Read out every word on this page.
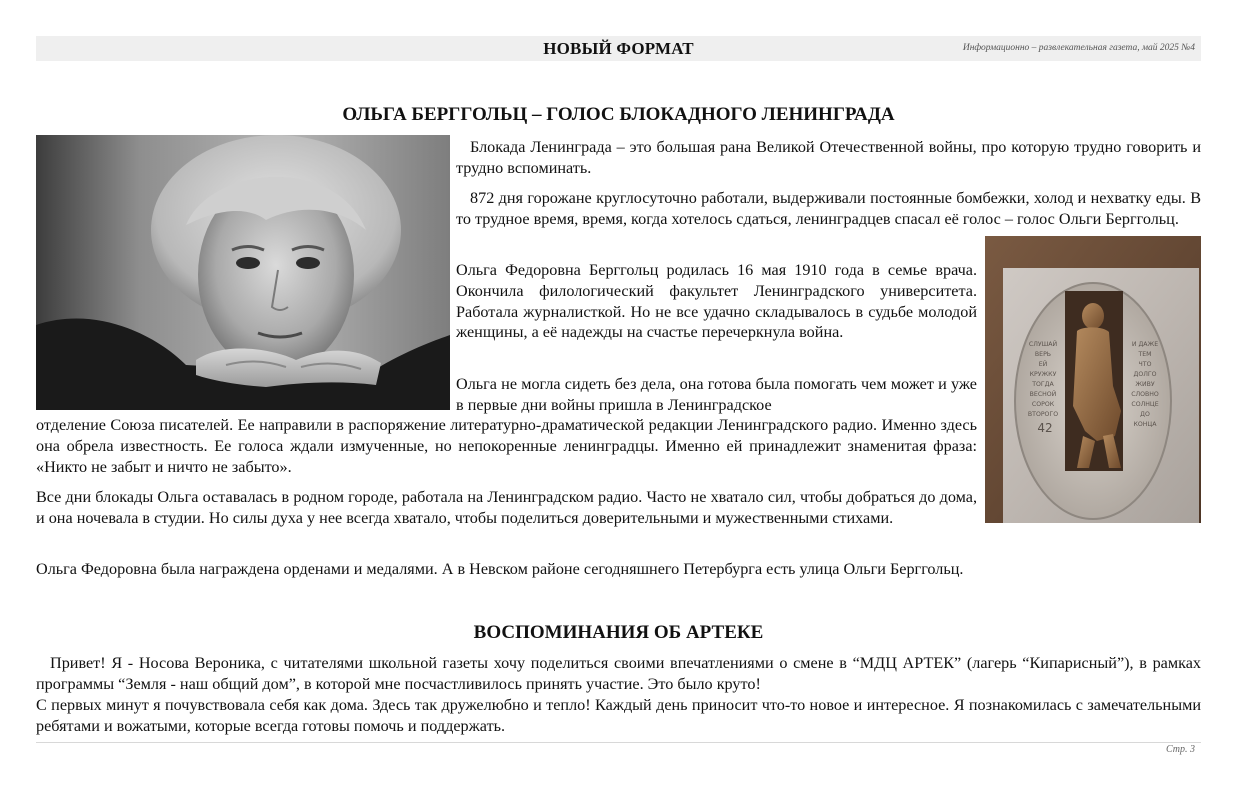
НОВЫЙ ФОРМАТ	Информационно – развлекательная газета, май 2025 №4
ОЛЬГА БЕРГГОЛЬЦ – ГОЛОС БЛОКАДНОГО ЛЕНИНГРАДА
СЛУШАЙ
ВЕРЬ
ЕЙ
КРУЖКУ
ТОГДА
ВЕСНОЙ
СОРОК
ВТОРОГО
42
И ДАЖЕ
ТЕМ
ЧТО
ДОЛГО
ЖИВУ
СЛОВНО
СОЛНЦЕ
ДО
КОНЦА

Блокада Ленинграда – это большая рана Великой Отечественной войны, про которую трудно говорить и трудно вспоминать.

872 дня горожане круглосуточно работали, выдерживали постоянные бомбежки, холод и нехватку еды. В то трудное время, время, когда хотелось сдаться, ленинградцев спасал её голос – голос Ольги Берггольц.

Ольга Федоровна Берггольц родилась 16 мая 1910 года в семье врача. Окончила филологический факультет Ленинградского университета. Работала журналисткой. Но не все удачно складывалось в судьбе молодой женщины, а её надежды на счастье перечеркнула война.

Ольга не могла сидеть без дела, она готова была помогать чем может и уже в первые дни войны пришла в Ленинградское

отделение Союза писателей. Ее направили в распоряжение литературно-драматической редакции Ленинградского радио. Именно здесь она обрела известность. Ее голоса ждали измученные, но непокоренные ленинградцы. Именно ей принадлежит знаменитая фраза: «Никто не забыт и ничто не забыто».

Все дни блокады Ольга оставалась в родном городе, работала на Ленинградском радио. Часто не хватало сил, чтобы добраться до дома, и она ночевала в студии. Но силы духа у нее всегда хватало, чтобы поделиться доверительными и мужественными стихами.

Ольга Федоровна была награждена орденами и медалями. А в Невском районе сегодняшнего Петербурга есть улица Ольги Берггольц.

ВОСПОМИНАНИЯ ОБ АРТЕКЕ

Привет! Я - Носова Вероника, с читателями школьной газеты хочу поделиться своими впечатлениями о смене в “МДЦ АРТЕК” (лагерь “Кипарисный”), в рамках программы “Земля - наш общий дом”, в которой мне посчастливилось принять участие. Это было круто!

С первых минут я почувствовала себя как дома. Здесь так дружелюбно и тепло! Каждый день приносит что-то новое и интересное. Я познакомилась с замечательными ребятами и вожатыми, которые всегда готовы помочь и поддержать.

Стр. 3
